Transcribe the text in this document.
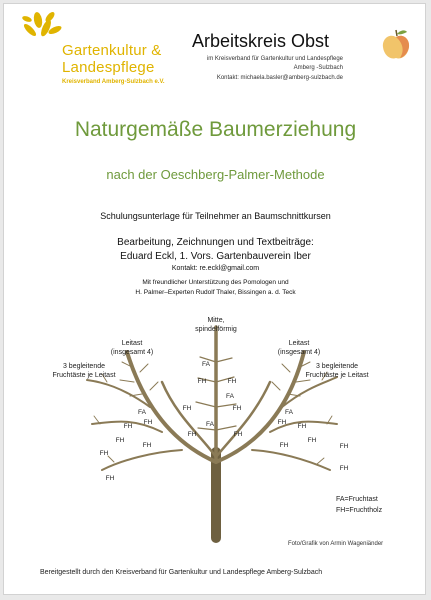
Gartenkultur &
Landespflege
Kreisverband Amberg-Sulzbach e.V.
Arbeitskreis Obst
im Kreisverband für Gartenkultur und Landespflege
Amberg -Sulzbach
Kontakt: michaela.basler@amberg-sulzbach.de
Naturgemäße Baumerziehung
nach der Oeschberg-Palmer-Methode
Schulungsunterlage für Teilnehmer an Baumschnittkursen
Bearbeitung, Zeichnungen und Textbeiträge:
Eduard Eckl, 1. Vors. Gartenbauverein Iber
Kontakt: re.eckl@gmail.com
Mit freundlicher Unterstützung des Pomologen und
H. Palmer–Experten Rudolf Thaler, Bissingen a. d. Teck
Mitte,
spindelförmig
Leitast
(insgesamt 4)
Leitast
(insgesamt 4)
3 begleitende
Fruchtäste je Leitast
3 begleitende
Fruchtäste je Leitast
FA
FH	FH
FA
FH	FH
FA
FH	FH
FA	FA
FH
FH	FH
FH
FH
FH	FH
FH
FH
FH
FH
FH
FA=Fruchtast
FH=Fruchtholz
Foto/Grafik von Armin Wageniänder
Bereitgestellt durch den Kreisverband für Gartenkultur und Landespflege Amberg-Sulzbach
